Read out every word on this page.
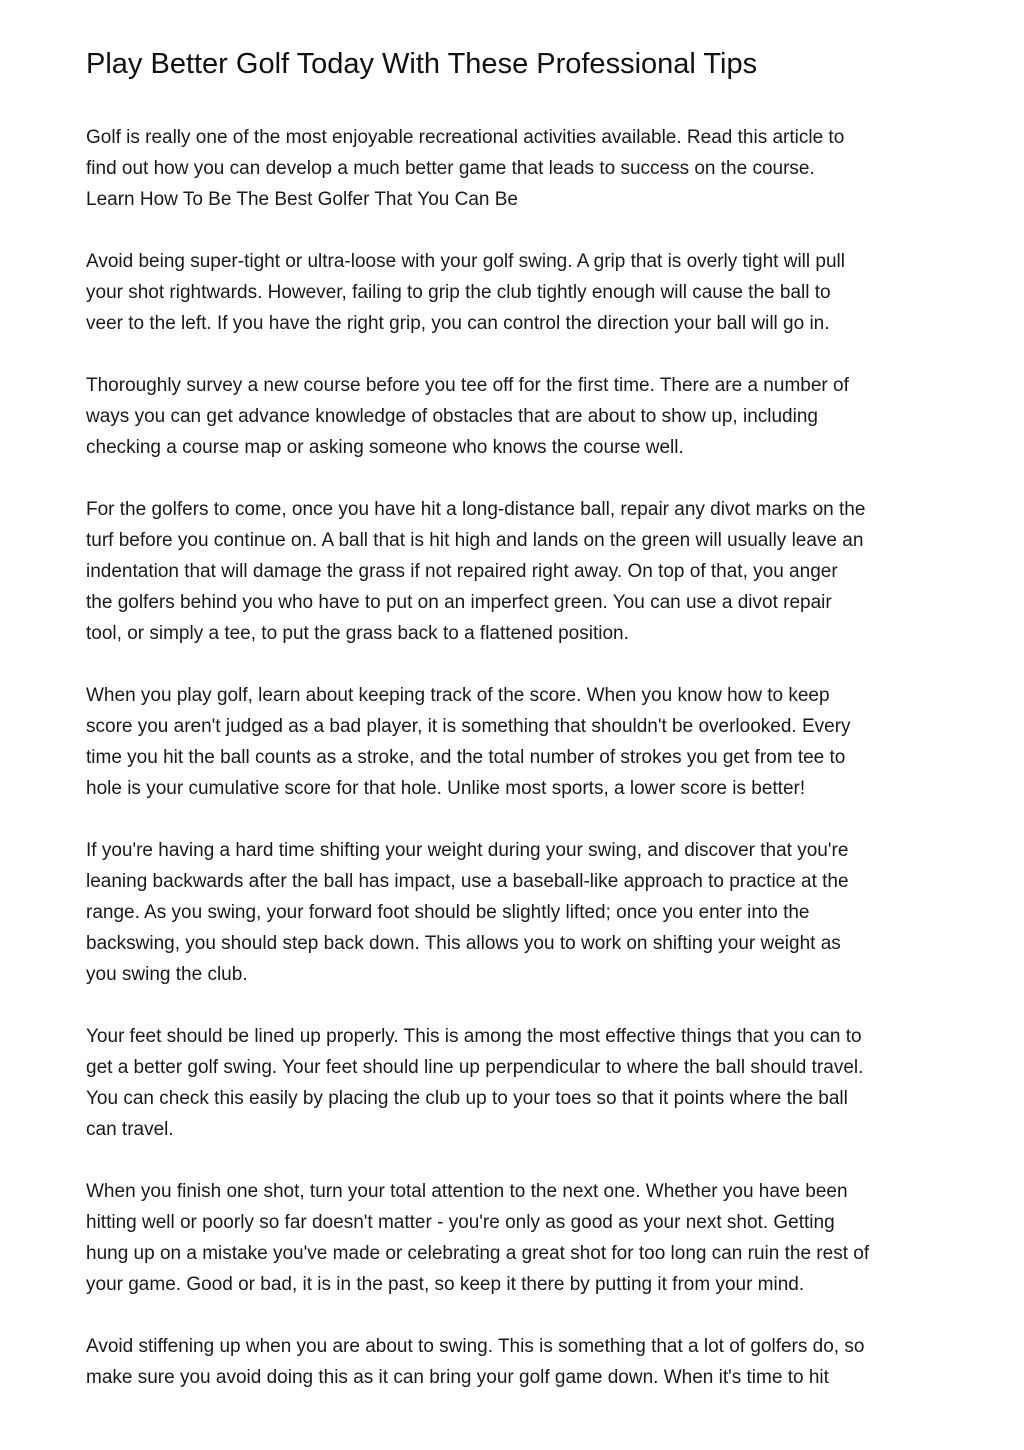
Play Better Golf Today With These Professional Tips

Golf is really one of the most enjoyable recreational activities available. Read this article to
find out how you can develop a much better game that leads to success on the course.
Learn How To Be The Best Golfer That You Can Be

Avoid being super-tight or ultra-loose with your golf swing. A grip that is overly tight will pull
your shot rightwards. However, failing to grip the club tightly enough will cause the ball to
veer to the left. If you have the right grip, you can control the direction your ball will go in.

Thoroughly survey a new course before you tee off for the first time. There are a number of
ways you can get advance knowledge of obstacles that are about to show up, including
checking a course map or asking someone who knows the course well.

For the golfers to come, once you have hit a long-distance ball, repair any divot marks on the
turf before you continue on. A ball that is hit high and lands on the green will usually leave an
indentation that will damage the grass if not repaired right away. On top of that, you anger
the golfers behind you who have to put on an imperfect green. You can use a divot repair
tool, or simply a tee, to put the grass back to a flattened position.

When you play golf, learn about keeping track of the score. When you know how to keep
score you aren't judged as a bad player, it is something that shouldn't be overlooked. Every
time you hit the ball counts as a stroke, and the total number of strokes you get from tee to
hole is your cumulative score for that hole. Unlike most sports, a lower score is better!

If you're having a hard time shifting your weight during your swing, and discover that you're
leaning backwards after the ball has impact, use a baseball-like approach to practice at the
range. As you swing, your forward foot should be slightly lifted; once you enter into the
backswing, you should step back down. This allows you to work on shifting your weight as
you swing the club.

Your feet should be lined up properly. This is among the most effective things that you can to
get a better golf swing. Your feet should line up perpendicular to where the ball should travel.
You can check this easily by placing the club up to your toes so that it points where the ball
can travel.

When you finish one shot, turn your total attention to the next one. Whether you have been
hitting well or poorly so far doesn't matter - you're only as good as your next shot. Getting
hung up on a mistake you've made or celebrating a great shot for too long can ruin the rest of
your game. Good or bad, it is in the past, so keep it there by putting it from your mind.

Avoid stiffening up when you are about to swing. This is something that a lot of golfers do, so
make sure you avoid doing this as it can bring your golf game down. When it's time to hit
